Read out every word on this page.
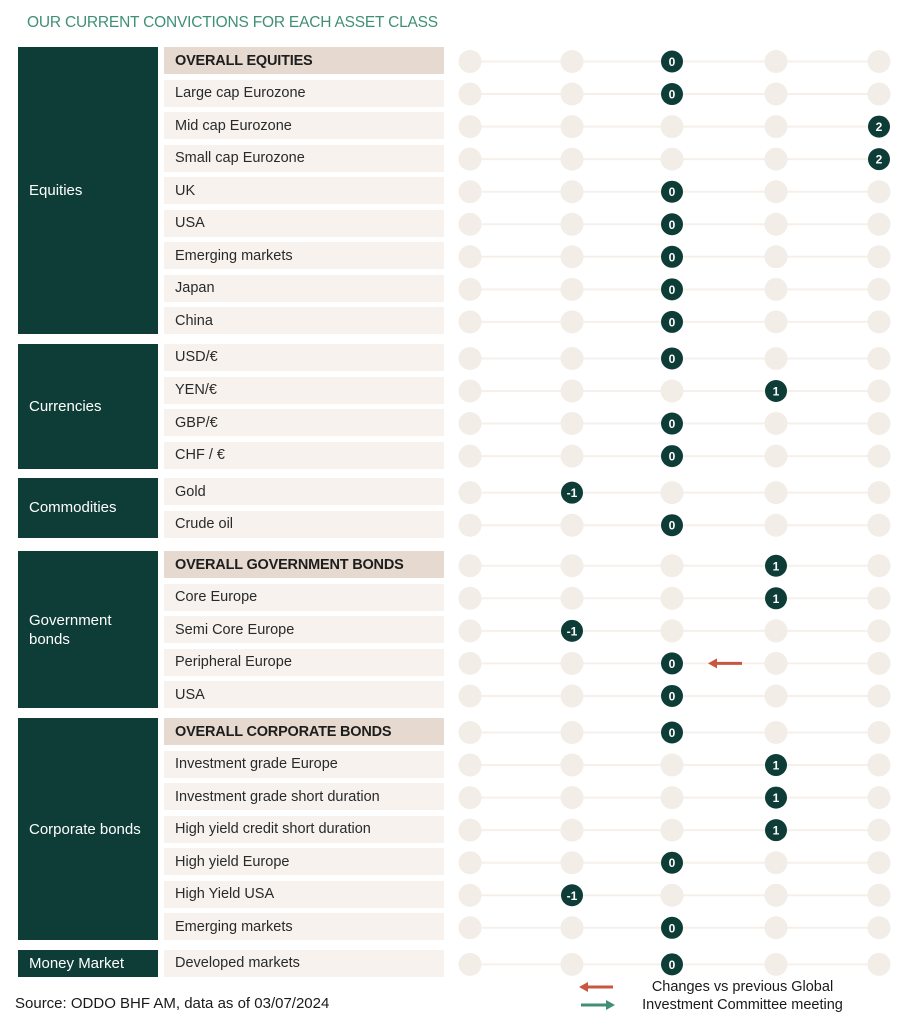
OUR CURRENT CONVICTIONS FOR EACH ASSET CLASS
Equities
OVERALL EQUITIES
Large cap Eurozone
Mid cap Eurozone
Small cap Eurozone
UK
USA
Emerging markets
Japan
China
Currencies
USD/€
YEN/€
GBP/€
CHF / €
Commodities
Gold
Crude oil
Government bonds
OVERALL GOVERNMENT BONDS
Core Europe
Semi Core Europe
Peripheral Europe
USA
Corporate bonds
OVERALL CORPORATE BONDS
Investment grade Europe
Investment grade short duration
High yield credit short duration
High yield Europe
High Yield USA
Emerging markets
Money Market	Developed markets
0
0
2
2
0
0
0
0
0
0
1
0
0
-1
0
1
1
-1
0
0
0
1
1
1
0
-1
0
0
Changes vs previous Global
Investment Committee meeting
Source: ODDO BHF AM, data as of 03/07/2024
